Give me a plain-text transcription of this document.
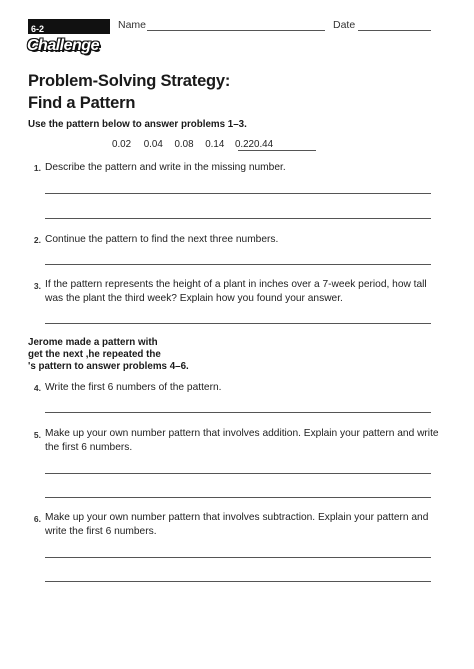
6-2	Name	Date
Challenge
Problem-Solving Strategy:
Find a Pattern
Use the pattern below to answer problems 1–3.
0.02 0.04 0.08 0.14 0.220.44
1. Describe the pattern and write in the missing number.
2. Continue the pattern to find the next three numbers.
3. If the pattern represents the height of a plant in inches over a 7-week period, how tall was the plant the third week? Explain how you found your answer.
Jerome made a pattern with
get the next ,he repeated the
's pattern to answer problems 4–6.
4. Write the first 6 numbers of the pattern.
5. Make up your own number pattern that involves addition. Explain your pattern and write the first 6 numbers.
6. Make up your own number pattern that involves subtraction. Explain your pattern and write the first 6 numbers.
